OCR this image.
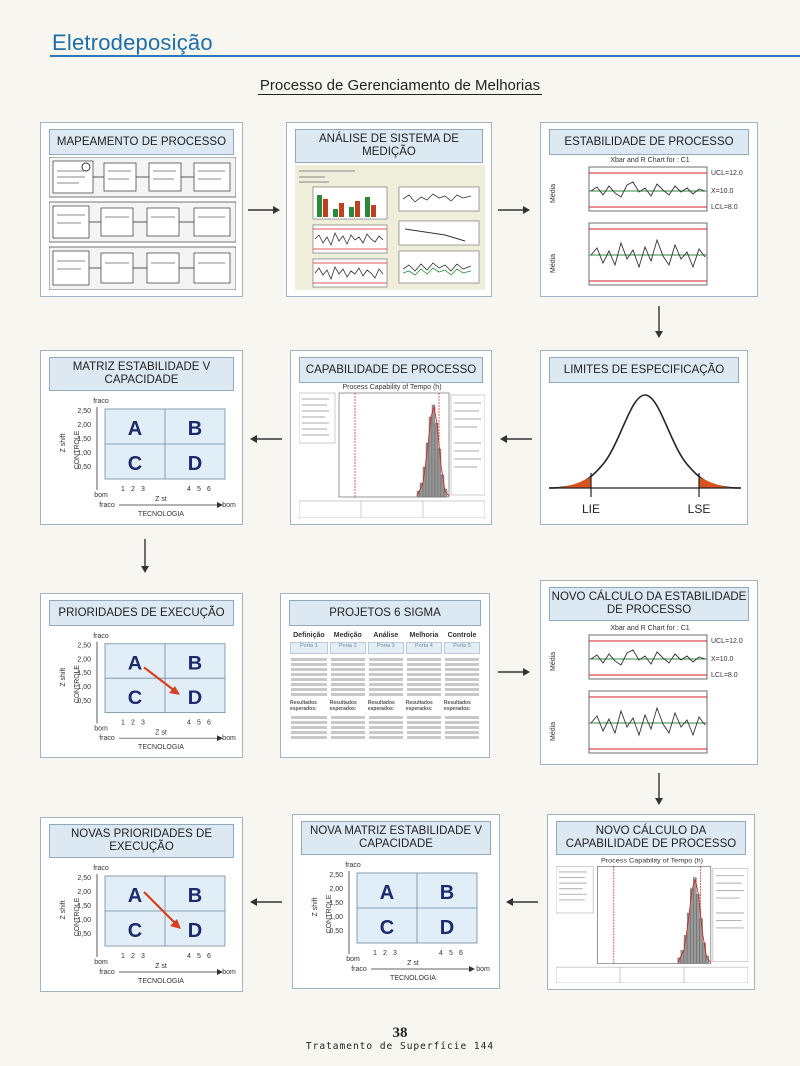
Eletrodeposição
Processo de Gerenciamento de Melhorias
MAPEAMENTO DE PROCESSO	ANÁLISE DE SISTEMA DE MEDIÇÃO
ESTABILIDADE DE PROCESSO
Xbar and R Chart for : C1
Média
UCL=12.0
X=10.0
LCL=8.0
Média
MATRIZ ESTABILIDADE V CAPACIDADE
fraco
Z shift CONTROLE
2,50
2,00
1,50
1,00
0,50
A B
C D
bom
1 2 3	4 5 6
Z st
fraco	bom
TECNOLOGIA
CAPABILIDADE DE PROCESSO
Process Capability of Tempo (h)
LIMITES DE ESPECIFICAÇÃO
LIE	LSE
PRIORIDADES DE EXECUÇÃO
fraco
Z shift CONTROLE
2,50
2,00
1,50
1,00
0,50
A B
C D
bom
1 2 3	4 5 6
Z st
fraco	bom
TECNOLOGIA
PROJETOS 6 SIGMA
Definição	Medição	Análise	Melhoria	Controle

Porta 1	Porta 2	Porta 3	Porta 4	Porta 5

Resultados esperados:	Resultados esperados:	Resultados esperados:	Resultados esperados:	Resultados esperados:

NOVO CÁLCULO DA ESTABILIDADE DE PROCESSO
Xbar and R Chart for : C1
Média
UCL=12.0
X=10.0
LCL=8.0
Média
NOVAS PRIORIDADES DE EXECUÇÃO
fraco
Z shift CONTROLE
2,50
2,00
1,50
1,00
0,50
A B
C D
bom
1 2 3	4 5 6
Z st
fraco	bom
TECNOLOGIA
NOVA MATRIZ ESTABILIDADE V CAPACIDADE
fraco
Z shift CONTROLE
2,50
2,00
1,50
1,00
0,50
A B
C D
bom
1 2 3	4 5 6
Z st
fraco	bom
TECNOLOGIA
NOVO CÁLCULO DA CAPABILIDADE DE PROCESSO
Process Capability of Tempo (h)
38
Tratamento de Superfície 144
